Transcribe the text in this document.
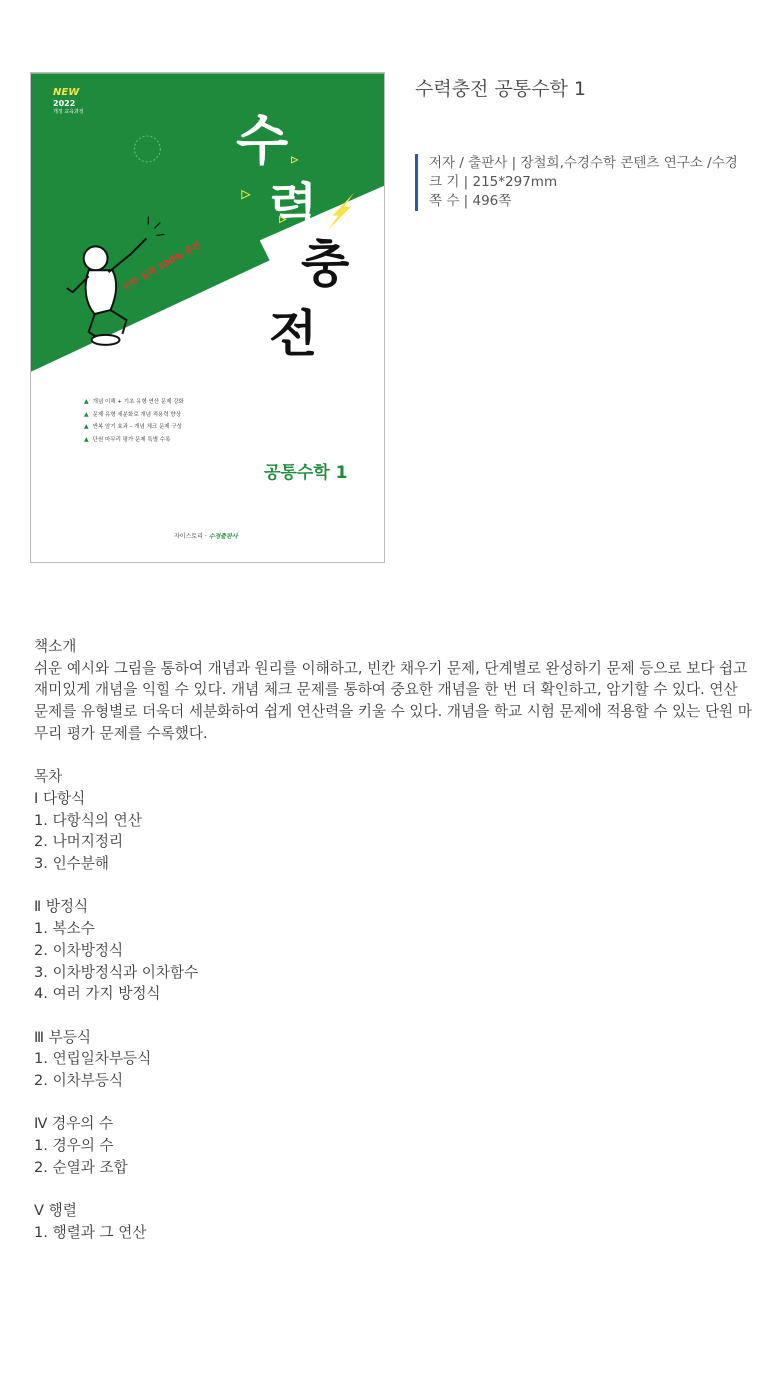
NEW
2022
개정 교육과정	수
력
충
전
수학 실력 100% 충전
▲ 개념 이해 + 기초 유형 연산 문제 강화
▲ 문제 유형 세분화로 개념 적용력 향상
▲ 반복 암기 효과 – 개념 체크 문제 구성
▲ 단원 마무리 평가 문제 특별 수록
공통수학 1
자이스토리 · 수경출판사
수력충전 공통수학 1
저자 / 출판사 | 장철희,수경수학 콘텐츠 연구소 /수경
크 기 | 215*297mm
쪽 수 | 496쪽

책소개

쉬운 예시와 그림을 통하여 개념과 원리를 이해하고, 빈칸 채우기 문제, 단계별로 완성하기 문제 등으로 보다 쉽고 재미있게 개념을 익힐 수 있다. 개념 체크 문제를 통하여 중요한 개념을 한 번 더 확인하고, 암기할 수 있다. 연산 문제를 유형별로 더욱더 세분화하여 쉽게 연산력을 키울 수 있다. 개념을 학교 시험 문제에 적용할 수 있는 단원 마무리 평가 문제를 수록했다.

목차

Ⅰ 다항식

1. 다항식의 연산

2. 나머지정리

3. 인수분해

Ⅱ 방정식

1. 복소수

2. 이차방정식

3. 이차방정식과 이차함수

4. 여러 가지 방정식

Ⅲ 부등식

1. 연립일차부등식

2. 이차부등식

Ⅳ 경우의 수

1. 경우의 수

2. 순열과 조합

Ⅴ 행렬

1. 행렬과 그 연산
